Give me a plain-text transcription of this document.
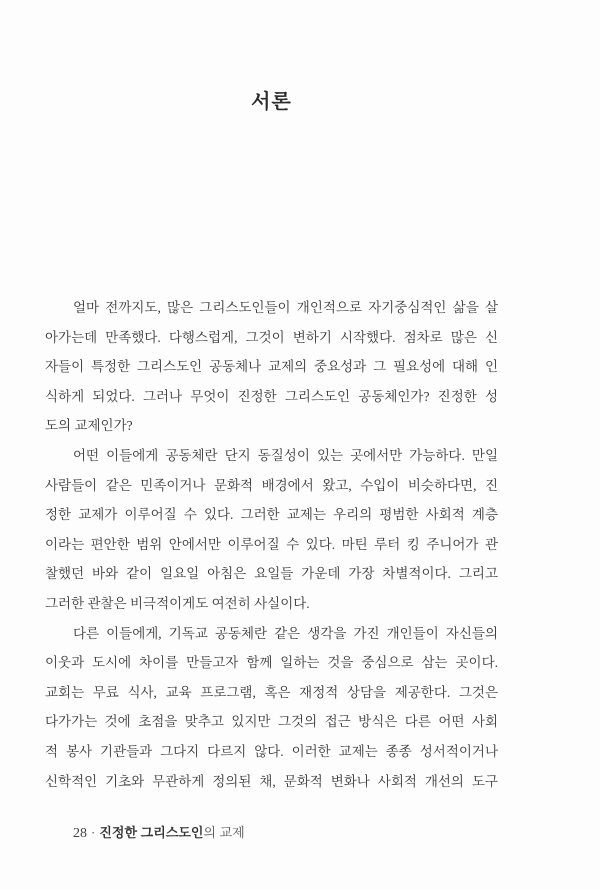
서론
얼마 전까지도, 많은 그리스도인들이 개인적으로 자기중심적인 삶을 살
아가는데 만족했다. 다행스럽게, 그것이 변하기 시작했다. 점차로 많은 신
자들이 특정한 그리스도인 공동체나 교제의 중요성과 그 필요성에 대해 인
식하게 되었다. 그러나 무엇이 진정한 그리스도인 공동체인가? 진정한 성
도의 교제인가?
어떤 이들에게 공동체란 단지 동질성이 있는 곳에서만 가능하다. 만일
사람들이 같은 민족이거나 문화적 배경에서 왔고, 수입이 비슷하다면, 진
정한 교제가 이루어질 수 있다. 그러한 교제는 우리의 평범한 사회적 계층
이라는 편안한 범위 안에서만 이루어질 수 있다. 마틴 루터 킹 주니어가 관
찰했던 바와 같이 일요일 아침은 요일들 가운데 가장 차별적이다. 그리고
그러한 관찰은 비극적이게도 여전히 사실이다.
다른 이들에게, 기독교 공동체란 같은 생각을 가진 개인들이 자신들의
이웃과 도시에 차이를 만들고자 함께 일하는 것을 중심으로 삼는 곳이다.
교회는 무료 식사, 교육 프로그램, 혹은 재정적 상담을 제공한다. 그것은
다가가는 것에 초점을 맞추고 있지만 그것의 접근 방식은 다른 어떤 사회
적 봉사 기관들과 그다지 다르지 않다. 이러한 교제는 종종 성서적이거나
신학적인 기초와 무관하게 정의된 채, 문화적 변화나 사회적 개선의 도구
28 · 진정한 그리스도인의 교제
